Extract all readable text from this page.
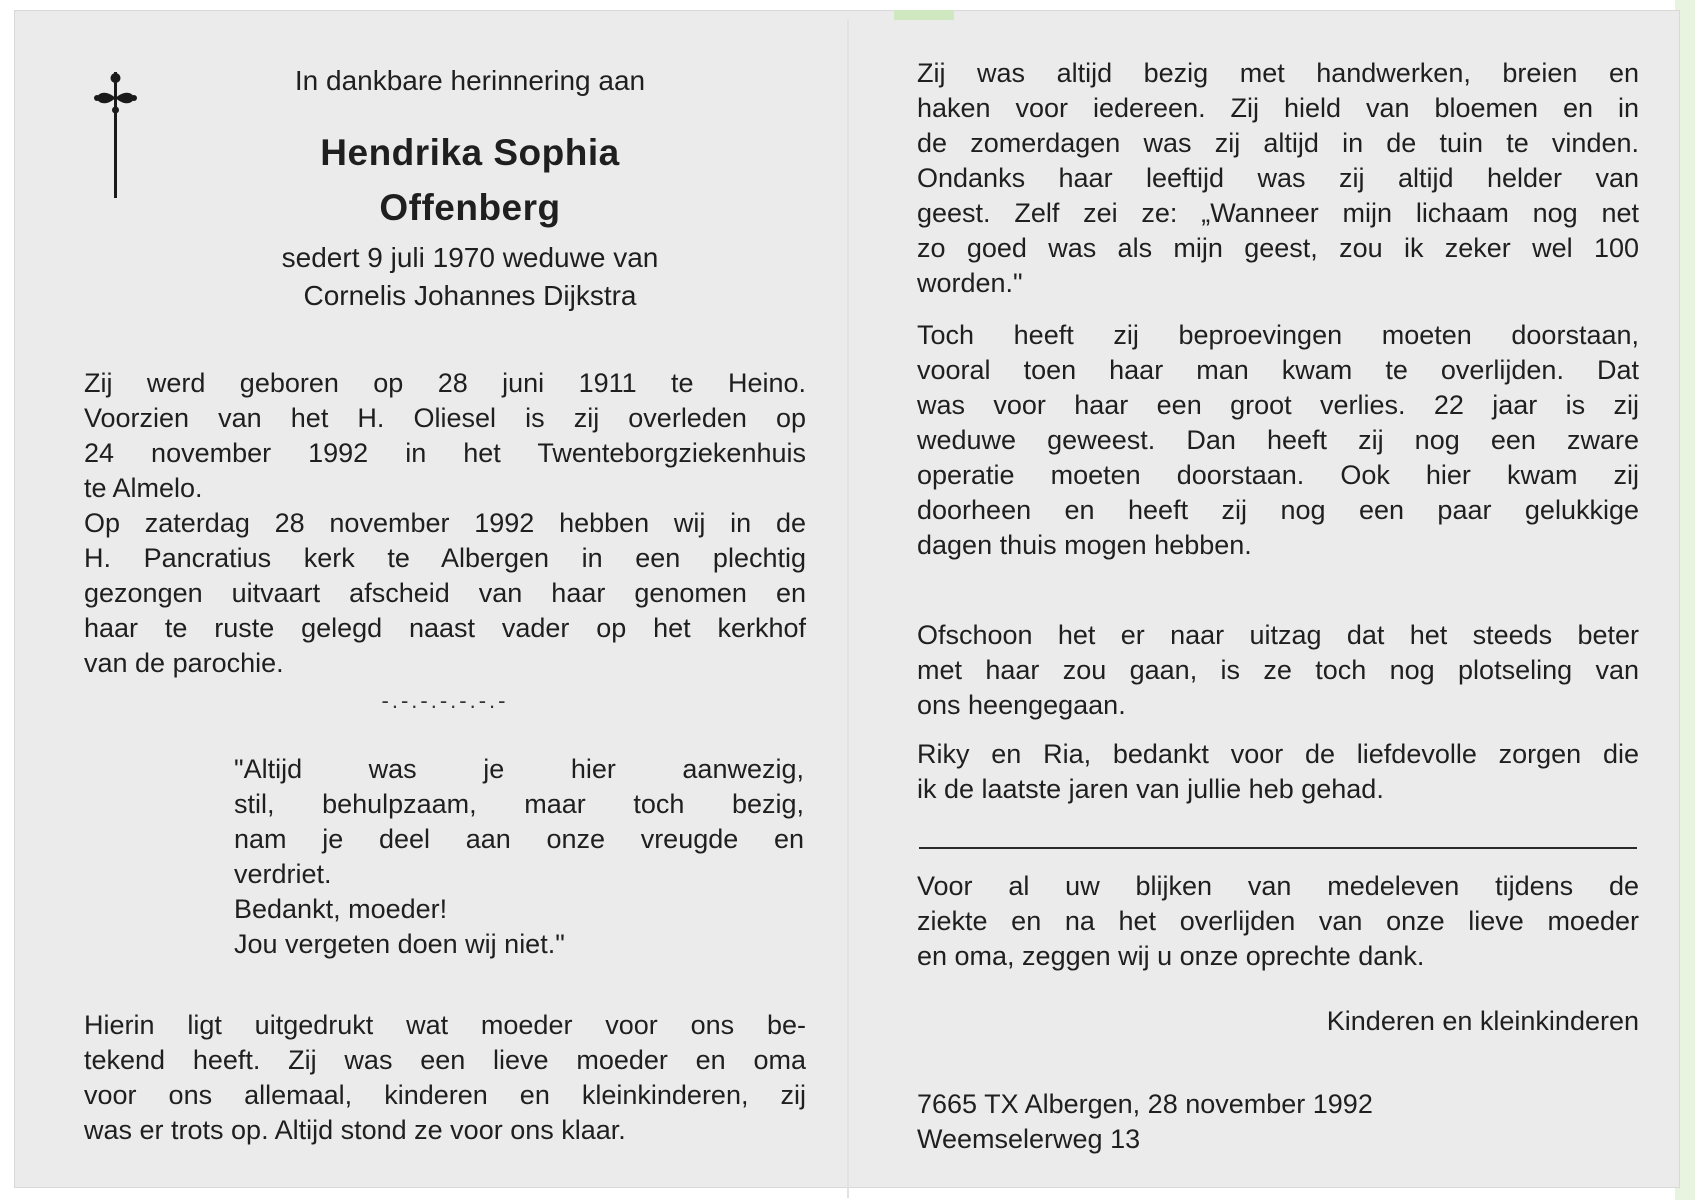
In dankbare herinnering aan
Hendrika Sophia
Offenberg
sedert 9 juli 1970 weduwe van
Cornelis Johannes Dijkstra
Zij werd geboren op 28 juni 1911 te Heino.
Voorzien van het H. Oliesel is zij overleden op
24 november 1992 in het Twenteborgziekenhuis
te Almelo.
Op zaterdag 28 november 1992 hebben wij in de
H. Pancratius kerk te Albergen in een plechtig
gezongen uitvaart afscheid van haar genomen en
haar te ruste gelegd naast vader op het kerkhof
van de parochie.
-.-.-.-.-.-.-
"Altijd was je hier aanwezig,
stil, behulpzaam, maar toch bezig,
nam je deel aan onze vreugde en
verdriet.
Bedankt, moeder!
Jou vergeten doen wij niet."
Hierin ligt uitgedrukt wat moeder voor ons be-
tekend heeft. Zij was een lieve moeder en oma
voor ons allemaal, kinderen en kleinkinderen, zij
was er trots op. Altijd stond ze voor ons klaar.
Zij was altijd bezig met handwerken, breien en
haken voor iedereen. Zij hield van bloemen en in
de zomerdagen was zij altijd in de tuin te vinden.
Ondanks haar leeftijd was zij altijd helder van
geest. Zelf zei ze: „Wanneer mijn lichaam nog net
zo goed was als mijn geest, zou ik zeker wel 100
worden."
Toch heeft zij beproevingen moeten doorstaan,
vooral toen haar man kwam te overlijden. Dat
was voor haar een groot verlies. 22 jaar is zij
weduwe geweest. Dan heeft zij nog een zware
operatie moeten doorstaan. Ook hier kwam zij
doorheen en heeft zij nog een paar gelukkige
dagen thuis mogen hebben.
Ofschoon het er naar uitzag dat het steeds beter
met haar zou gaan, is ze toch nog plotseling van
ons heengegaan.
Riky en Ria, bedankt voor de liefdevolle zorgen die
ik de laatste jaren van jullie heb gehad.
Voor al uw blijken van medeleven tijdens de
ziekte en na het overlijden van onze lieve moeder
en oma, zeggen wij u onze oprechte dank.
Kinderen en kleinkinderen
7665 TX Albergen, 28 november 1992
Weemselerweg 13
